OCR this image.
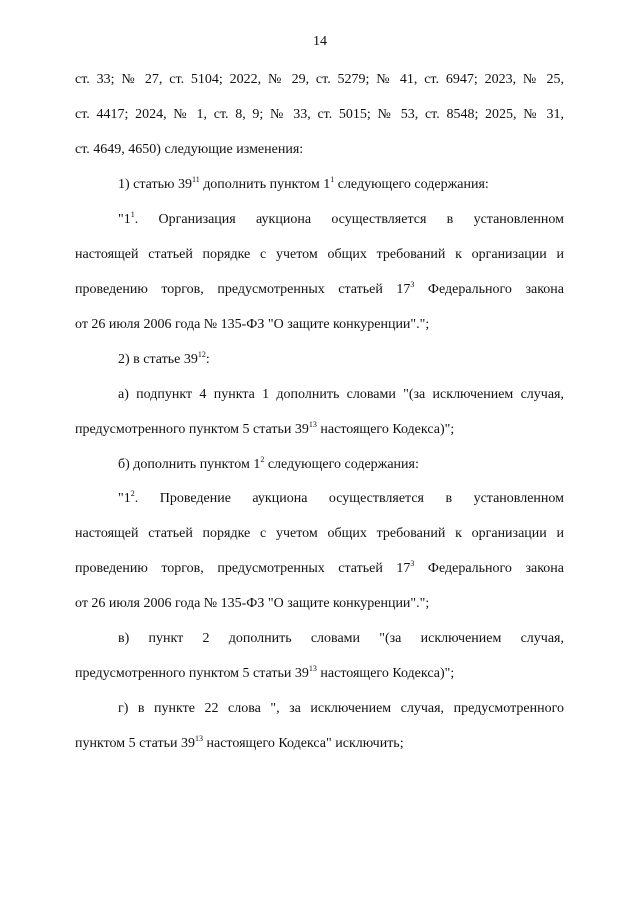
14
ст. 33; № 27, ст. 5104; 2022, № 29, ст. 5279; № 41, ст. 6947; 2023, № 25,
ст. 4417; 2024, № 1, ст. 8, 9; № 33, ст. 5015; № 53, ст. 8548; 2025, № 31,
ст. 4649, 4650) следующие изменения:
1) статью $39^{11}$ дополнить пунктом $1^1$ следующего содержания:
"$1^1$. Организация аукциона осуществляется в установленном
настоящей статьей порядке с учетом общих требований к организации и
проведению торгов, предусмотренных статьей $17^3$ Федерального закона
от 26 июля 2006 года № 135-ФЗ "О защите конкуренции".";
2) в статье $39^{12}$:
а) подпункт 4 пункта 1 дополнить словами "(за исключением случая,
предусмотренного пунктом 5 статьи $39^{13}$ настоящего Кодекса)";
б) дополнить пунктом $1^2$ следующего содержания:
"$1^2$. Проведение аукциона осуществляется в установленном
настоящей статьей порядке с учетом общих требований к организации и
проведению торгов, предусмотренных статьей $17^3$ Федерального закона
от 26 июля 2006 года № 135-ФЗ "О защите конкуренции".";
в) пункт 2 дополнить словами "(за исключением случая,
предусмотренного пунктом 5 статьи $39^{13}$ настоящего Кодекса)";
г) в пункте 22 слова ", за исключением случая, предусмотренного
пунктом 5 статьи $39^{13}$ настоящего Кодекса" исключить;
